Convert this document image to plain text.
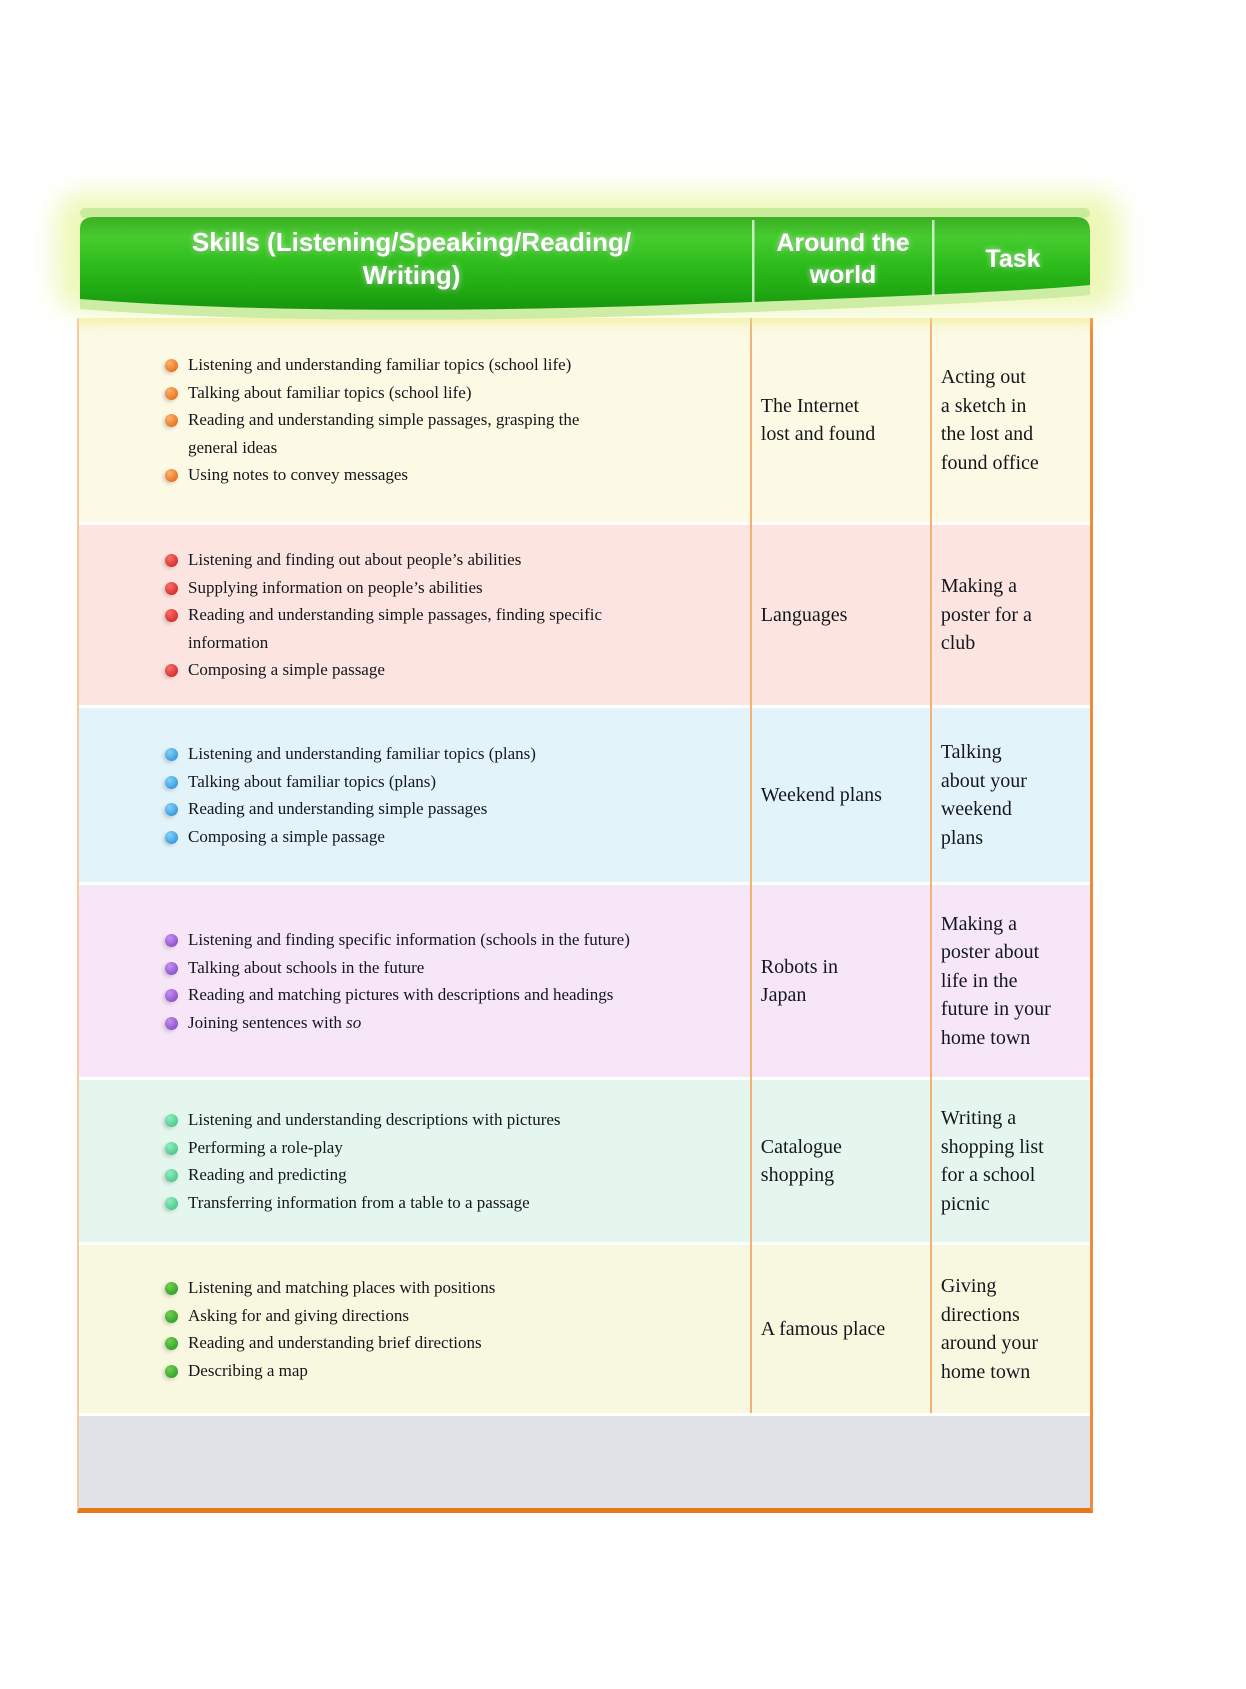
Skills (Listening/Speaking/Reading/
Writing)
Around the
world
Task
Listening and understanding familiar topics (school life)
Talking about familiar topics (school life)
Reading and understanding simple passages, grasping the
general ideas
Using notes to convey messages
The Internet
lost and found
Acting out
a sketch in
the lost and
found office
Listening and finding out about people’s abilities
Supplying information on people’s abilities
Reading and understanding simple passages, finding specific
information
Composing a simple passage
Languages
Making a
poster for a
club
Listening and understanding familiar topics (plans)
Talking about familiar topics (plans)
Reading and understanding simple passages
Composing a simple passage
Weekend plans
Talking
about your
weekend
plans
Listening and finding specific information (schools in the future)
Talking about schools in the future
Reading and matching pictures with descriptions and headings
Joining sentences with so
Robots in
Japan
Making a
poster about
life in the
future in your
home town
Listening and understanding descriptions with pictures
Performing a role-play
Reading and predicting
Transferring information from a table to a passage
Catalogue
shopping
Writing a
shopping list
for a school
picnic
Listening and matching places with positions
Asking for and giving directions
Reading and understanding brief directions
Describing a map
A famous place
Giving
directions
around your
home town
